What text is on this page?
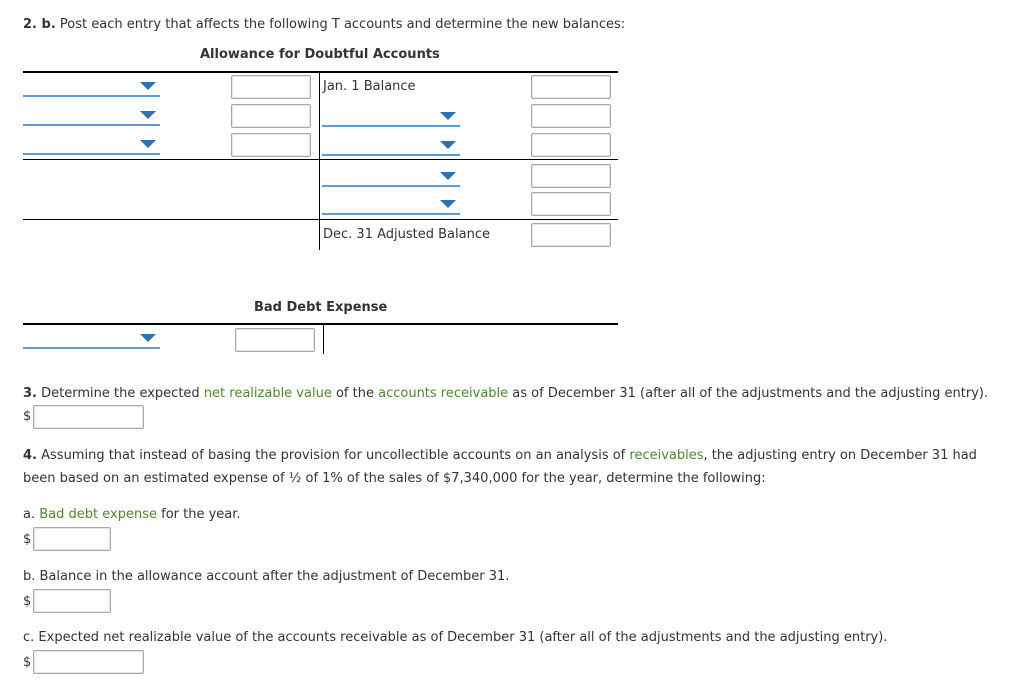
2. b. Post each entry that affects the following T accounts and determine the new balances:
Allowance for Doubtful Accounts
Jan. 1 Balance
Dec. 31 Adjusted Balance
Bad Debt Expense
3. Determine the expected net realizable value of the accounts receivable as of December 31 (after all of the adjustments and the adjusting entry).
$
4. Assuming that instead of basing the provision for uncollectible accounts on an analysis of receivables, the adjusting entry on December 31 had
been based on an estimated expense of ½ of 1% of the sales of $7,340,000 for the year, determine the following:
a. Bad debt expense for the year.
$
b. Balance in the allowance account after the adjustment of December 31.
$
c. Expected net realizable value of the accounts receivable as of December 31 (after all of the adjustments and the adjusting entry).
$
